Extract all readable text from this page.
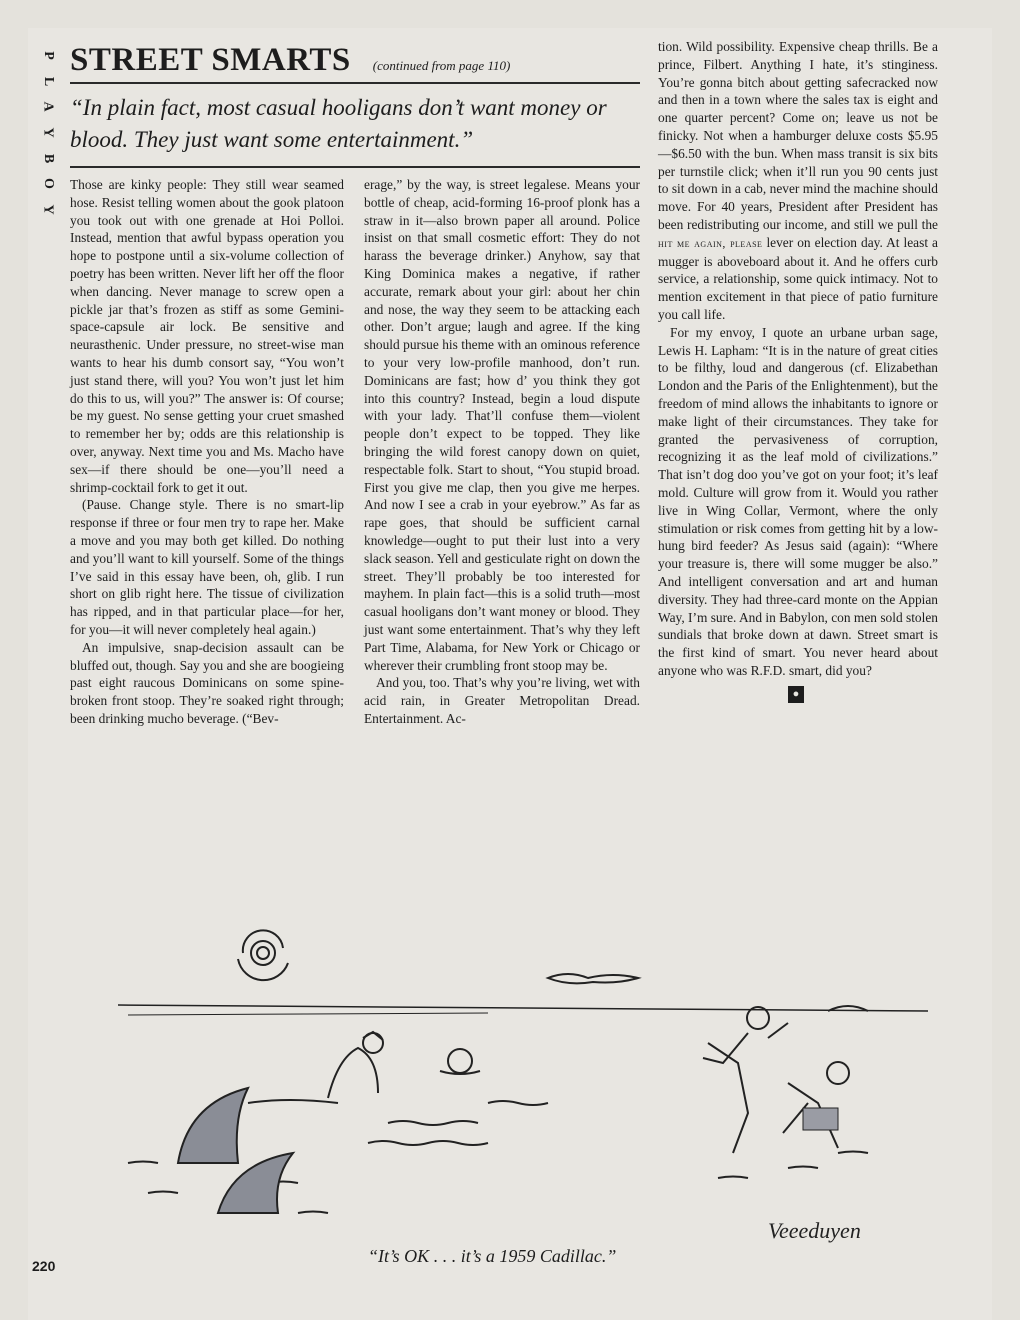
P
L
A
Y
B
O
Y
STREET SMARTS (continued from page 110)
“In plain fact, most casual hooligans don’t want money or blood. They just want some entertainment.”

Those are kinky people: They still wear seamed hose. Resist telling women about the gook platoon you took out with one grenade at Hoi Polloi. Instead, mention that awful bypass operation you hope to postpone until a six-volume collection of poetry has been written. Never lift her off the floor when dancing. Never manage to screw open a pickle jar that’s frozen as stiff as some Gemini-space-capsule air lock. Be sensitive and neurasthenic. Under pressure, no street-wise man wants to hear his dumb consort say, “You won’t just stand there, will you? You won’t just let him do this to us, will you?” The answer is: Of course; be my guest. No sense getting your cruet smashed to remember her by; odds are this relationship is over, anyway. Next time you and Ms. Macho have sex—if there should be one—you’ll need a shrimp-cocktail fork to get it out.

(Pause. Change style. There is no smart-lip response if three or four men try to rape her. Make a move and you may both get killed. Do nothing and you’ll want to kill yourself. Some of the things I’ve said in this essay have been, oh, glib. I run short on glib right here. The tissue of civilization has ripped, and in that particular place—for her, for you—it will never completely heal again.)

An impulsive, snap-decision assault can be bluffed out, though. Say you and she are boogieing past eight raucous Dominicans on some spine-broken front stoop. They’re soaked right through; been drinking mucho beverage. (“Bev-

erage,” by the way, is street legalese. Means your bottle of cheap, acid-forming 16-proof plonk has a straw in it—also brown paper all around. Police insist on that small cosmetic effort: They do not harass the beverage drinker.) Anyhow, say that King Dominica makes a negative, if rather accurate, remark about your girl: about her chin and nose, the way they seem to be attacking each other. Don’t argue; laugh and agree. If the king should pursue his theme with an ominous reference to your very low-profile manhood, don’t run. Dominicans are fast; how d’ you think they got into this country? Instead, begin a loud dispute with your lady. That’ll confuse them—violent people don’t expect to be topped. They like bringing the wild forest canopy down on quiet, respectable folk. Start to shout, “You stupid broad. First you give me clap, then you give me herpes. And now I see a crab in your eyebrow.” As far as rape goes, that should be sufficient carnal knowledge—ought to put their lust into a very slack season. Yell and gesticulate right on down the street. They’ll probably be too interested for mayhem. In plain fact—this is a solid truth—most casual hooligans don’t want money or blood. They just want some entertainment. That’s why they left Part Time, Alabama, for New York or Chicago or wherever their crumbling front stoop may be.

And you, too. That’s why you’re living, wet with acid rain, in Greater Metropolitan Dread. Entertainment. Ac-

tion. Wild possibility. Expensive cheap thrills. Be a prince, Filbert. Anything I hate, it’s stinginess. You’re gonna bitch about getting safecracked now and then in a town where the sales tax is eight and one quarter percent? Come on; leave us not be finicky. Not when a hamburger deluxe costs $5.95—$6.50 with the bun. When mass transit is six bits per turnstile click; when it’ll run you 90 cents just to sit down in a cab, never mind the machine should move. For 40 years, President after President has been redistributing our income, and still we pull the hit me again, please lever on election day. At least a mugger is aboveboard about it. And he offers curb service, a relationship, some quick intimacy. Not to mention excitement in that piece of patio furniture you call life.

For my envoy, I quote an urbane urban sage, Lewis H. Lapham: “It is in the nature of great cities to be filthy, loud and dangerous (cf. Elizabethan London and the Paris of the Enlightenment), but the freedom of mind allows the inhabitants to ignore or make light of their circumstances. They take for granted the pervasiveness of corruption, recognizing it as the leaf mold of civilizations.” That isn’t dog doo you’ve got on your foot; it’s leaf mold. Culture will grow from it. Would you rather live in Wing Collar, Vermont, where the only stimulation or risk comes from getting hit by a low-hung bird feeder? As Jesus said (again): “Where your treasure is, there will some mugger be also.” And intelligent conversation and art and human diversity. They had three-card monte on the Appian Way, I’m sure. And in Babylon, con men sold stolen sundials that broke down at dawn. Street smart is the first kind of smart. You never heard about anyone who was R.F.D. smart, did you?

●
Veeeduyen
“It’s OK . . . it’s a 1959 Cadillac.”
220
